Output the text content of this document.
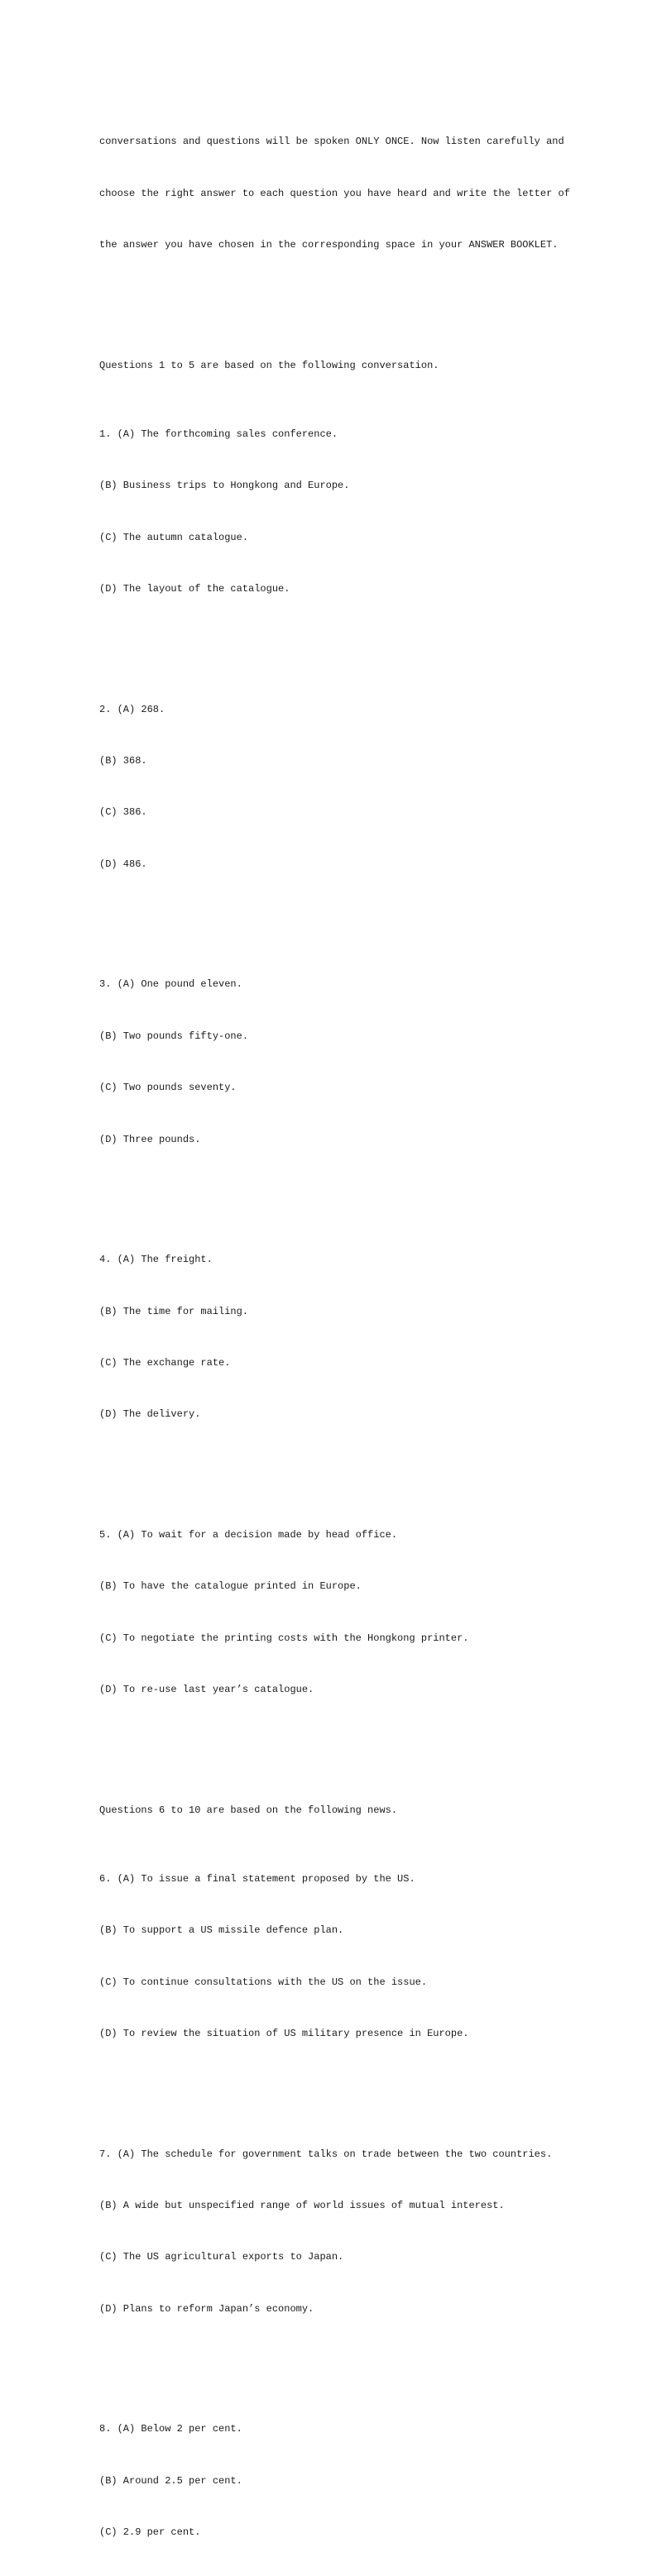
conversations and questions will be spoken ONLY ONCE. Now listen carefully and

choose the right answer to each question you have heard and write the letter of

the answer you have chosen in the corresponding space in your ANSWER BOOKLET.

Questions 1 to 5 are based on the following conversation.

1. (A) The forthcoming sales conference.

(B) Business trips to Hongkong and Europe.

(C) The autumn catalogue.

(D) The layout of the catalogue.

2. (A) 268.

(B) 368.

(C) 386.

(D) 486.

3. (A) One pound eleven.

(B) Two pounds fifty-one.

(C) Two pounds seventy.

(D) Three pounds.

4. (A) The freight.

(B) The time for mailing.

(C) The exchange rate.

(D) The delivery.

5. (A) To wait for a decision made by head office.

(B) To have the catalogue printed in Europe.

(C) To negotiate the printing costs with the Hongkong printer.

(D) To re-use last year’s catalogue.

Questions 6 to 10 are based on the following news.

6. (A) To issue a final statement proposed by the US.

(B) To support a US missile defence plan.

(C) To continue consultations with the US on the issue.

(D) To review the situation of US military presence in Europe.

7. (A) The schedule for government talks on trade between the two countries.

(B) A wide but unspecified range of world issues of mutual interest.

(C) The US agricultural exports to Japan.

(D) Plans to reform Japan’s economy.

8. (A) Below 2 per cent.

(B) Around 2.5 per cent.

(C) 2.9 per cent.
